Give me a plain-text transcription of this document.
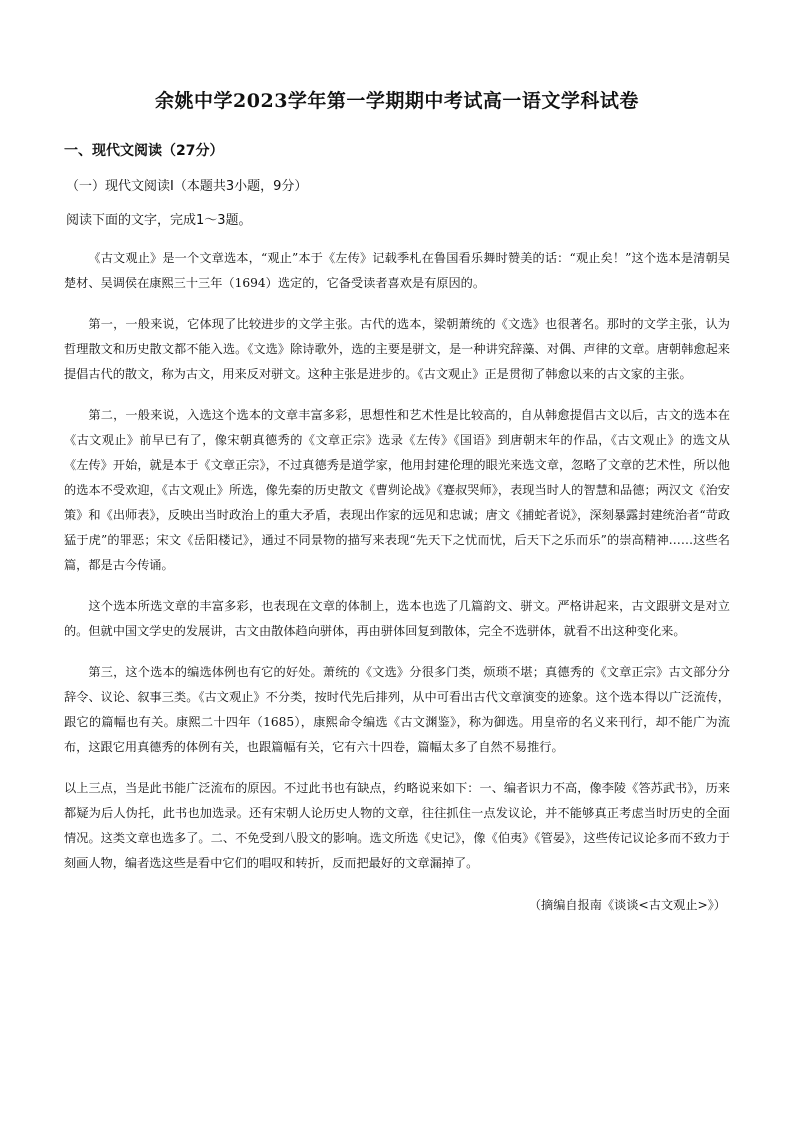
余姚中学2023学年第一学期期中考试高一语文学科试卷
一、现代文阅读（27分）
（一）现代文阅读Ⅰ（本题共3小题，9分）
阅读下面的文字，完成1～3题。

《古文观止》是一个文章选本，“观止”本于《左传》记载季札在鲁国看乐舞时赞美的话：“观止矣！”这个选本是清朝吴楚材、吴调侯在康熙三十三年（1694）选定的，它备受读者喜欢是有原因的。

第一，一般来说，它体现了比较进步的文学主张。古代的选本，梁朝萧统的《文选》也很著名。那时的文学主张，认为哲理散文和历史散文都不能入选。《文选》除诗歌外，选的主要是骈文，是一种讲究辞藻、对偶、声律的文章。唐朝韩愈起来提倡古代的散文，称为古文，用来反对骈文。这种主张是进步的。《古文观止》正是贯彻了韩愈以来的古文家的主张。

第二，一般来说，入选这个选本的文章丰富多彩，思想性和艺术性是比较高的，自从韩愈提倡古文以后，古文的选本在《古文观止》前早已有了，像宋朝真德秀的《文章正宗》选录《左传》《国语》到唐朝末年的作品，《古文观止》的选文从《左传》开始，就是本于《文章正宗》，不过真德秀是道学家，他用封建伦理的眼光来选文章，忽略了文章的艺术性，所以他的选本不受欢迎，《古文观止》所选，像先秦的历史散文《曹刿论战》《蹇叔哭师》，表现当时人的智慧和品德；两汉文《治安策》和《出师表》，反映出当时政治上的重大矛盾，表现出作家的远见和忠诚；唐文《捕蛇者说》，深刻暴露封建统治者“苛政猛于虎”的罪恶；宋文《岳阳楼记》，通过不同景物的描写来表现“先天下之忧而忧，后天下之乐而乐”的崇高精神……这些名篇，都是古今传诵。

这个选本所选文章的丰富多彩，也表现在文章的体制上，选本也选了几篇韵文、骈文。严格讲起来，古文跟骈文是对立的。但就中国文学史的发展讲，古文由散体趋向骈体，再由骈体回复到散体，完全不选骈体，就看不出这种变化来。

第三，这个选本的编选体例也有它的好处。萧统的《文选》分很多门类，烦琐不堪；真德秀的《文章正宗》古文部分分辞令、议论、叙事三类。《古文观止》不分类，按时代先后排列，从中可看出古代文章演变的迹象。这个选本得以广泛流传，跟它的篇幅也有关。康熙二十四年（1685），康熙命令编选《古文渊鉴》，称为御选。用皇帝的名义来刊行，却不能广为流布，这跟它用真德秀的体例有关，也跟篇幅有关，它有六十四卷，篇幅太多了自然不易推行。

以上三点，当是此书能广泛流布的原因。不过此书也有缺点，约略说来如下：一、编者识力不高，像李陵《答苏武书》，历来都疑为后人伪托，此书也加选录。还有宋朝人论历史人物的文章，往往抓住一点发议论，并不能够真正考虑当时历史的全面情况。这类文章也选多了。二、不免受到八股文的影响。选文所选《史记》，像《伯夷》《管晏》，这些传记议论多而不致力于刻画人物，编者选这些是看中它们的唱叹和转折，反而把最好的文章漏掉了。

（摘编自报南《谈谈<古文观止>》）
